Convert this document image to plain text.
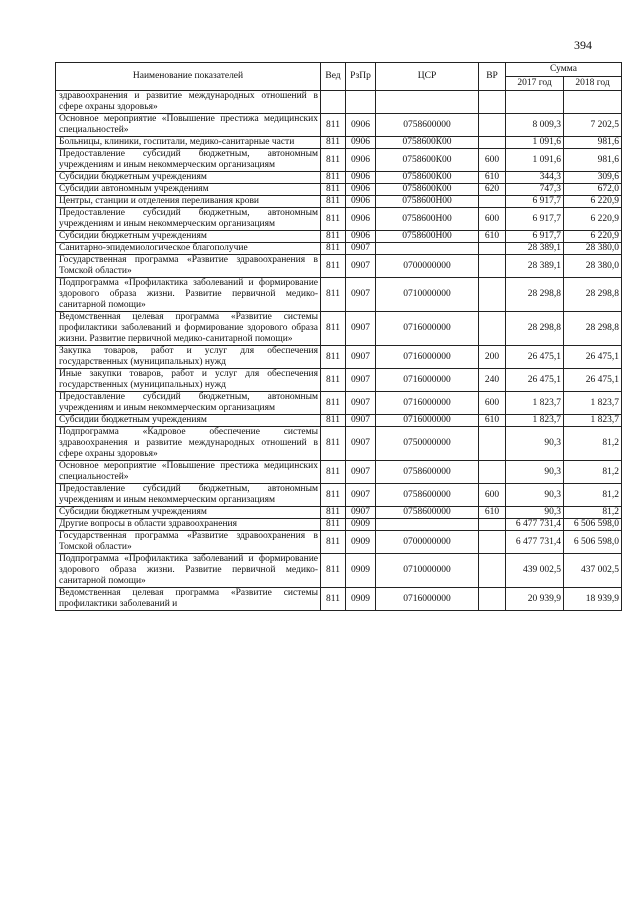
394
Наименование показателей	Вед	РзПр	ЦСР	ВР	Сумма	
					2017 год	2018 год
здравоохранения и развитие международных отношений в сфере охраны здоровья»						
Основное мероприятие «Повышение престижа медицинских специальностей»	811	0906	0758600000		8 009,3	7 202,5
Больницы, клиники, госпитали, медико-санитарные части	811	0906	0758600К00		1 091,6	981,6
Предоставление субсидий бюджетным, автономным учреждениям и иным некоммерческим организациям	811	0906	0758600К00	600	1 091,6	981,6
Субсидии бюджетным учреждениям	811	0906	0758600К00	610	344,3	309,6
Субсидии автономным учреждениям	811	0906	0758600К00	620	747,3	672,0
Центры, станции и отделения переливания крови	811	0906	0758600Н00		6 917,7	6 220,9
Предоставление субсидий бюджетным, автономным учреждениям и иным некоммерческим организациям	811	0906	0758600Н00	600	6 917,7	6 220,9
Субсидии бюджетным учреждениям	811	0906	0758600Н00	610	6 917,7	6 220,9
Санитарно-эпидемиологическое благополучие	811	0907			28 389,1	28 380,0
Государственная программа «Развитие здравоохранения в Томской области»	811	0907	0700000000		28 389,1	28 380,0
Подпрограмма «Профилактика заболеваний и формирование здорового образа жизни. Развитие первичной медико-санитарной помощи»	811	0907	0710000000		28 298,8	28 298,8
Ведомственная целевая программа «Развитие системы профилактики заболеваний и формирование здорового образа жизни. Развитие первичной медико-санитарной помощи»	811	0907	0716000000		28 298,8	28 298,8
Закупка товаров, работ и услуг для обеспечения государственных (муниципальных) нужд	811	0907	0716000000	200	26 475,1	26 475,1
Иные закупки товаров, работ и услуг для обеспечения государственных (муниципальных) нужд	811	0907	0716000000	240	26 475,1	26 475,1
Предоставление субсидий бюджетным, автономным учреждениям и иным некоммерческим организациям	811	0907	0716000000	600	1 823,7	1 823,7
Субсидии бюджетным учреждениям	811	0907	0716000000	610	1 823,7	1 823,7
Подпрограмма «Кадровое обеспечение системы здравоохранения и развитие международных отношений в сфере охраны здоровья»	811	0907	0750000000		90,3	81,2
Основное мероприятие «Повышение престижа медицинских специальностей»	811	0907	0758600000		90,3	81,2
Предоставление субсидий бюджетным, автономным учреждениям и иным некоммерческим организациям	811	0907	0758600000	600	90,3	81,2
Субсидии бюджетным учреждениям	811	0907	0758600000	610	90,3	81,2
Другие вопросы в области здравоохранения	811	0909			6 477 731,4	6 506 598,0
Государственная программа «Развитие здравоохранения в Томской области»	811	0909	0700000000		6 477 731,4	6 506 598,0
Подпрограмма «Профилактика заболеваний и формирование здорового образа жизни. Развитие первичной медико-санитарной помощи»	811	0909	0710000000		439 002,5	437 002,5
Ведомственная целевая программа «Развитие системы профилактики заболеваний и	811	0909	0716000000		20 939,9	18 939,9
